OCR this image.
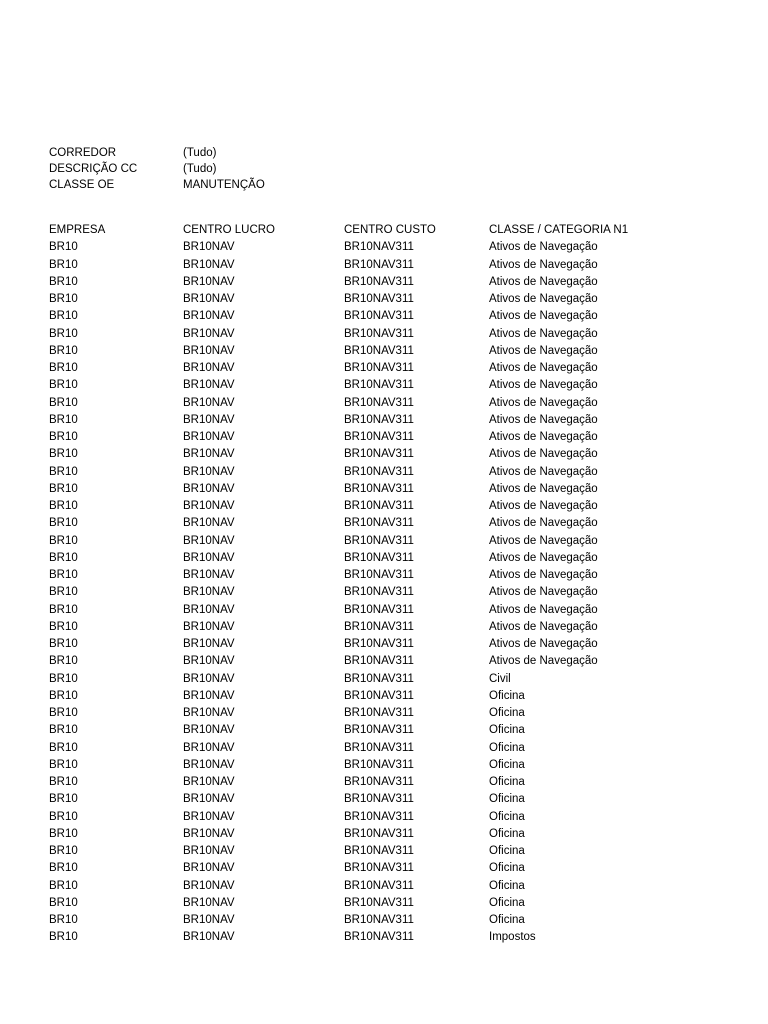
CORREDOR	(Tudo)
DESCRIÇÃO CC	(Tudo)
CLASSE OE	MANUTENÇÃO
EMPRESA	CENTRO LUCRO	CENTRO CUSTO	CLASSE / CATEGORIA N1
BR10	BR10NAV	BR10NAV311	Ativos de Navegação
BR10	BR10NAV	BR10NAV311	Ativos de Navegação
BR10	BR10NAV	BR10NAV311	Ativos de Navegação
BR10	BR10NAV	BR10NAV311	Ativos de Navegação
BR10	BR10NAV	BR10NAV311	Ativos de Navegação
BR10	BR10NAV	BR10NAV311	Ativos de Navegação
BR10	BR10NAV	BR10NAV311	Ativos de Navegação
BR10	BR10NAV	BR10NAV311	Ativos de Navegação
BR10	BR10NAV	BR10NAV311	Ativos de Navegação
BR10	BR10NAV	BR10NAV311	Ativos de Navegação
BR10	BR10NAV	BR10NAV311	Ativos de Navegação
BR10	BR10NAV	BR10NAV311	Ativos de Navegação
BR10	BR10NAV	BR10NAV311	Ativos de Navegação
BR10	BR10NAV	BR10NAV311	Ativos de Navegação
BR10	BR10NAV	BR10NAV311	Ativos de Navegação
BR10	BR10NAV	BR10NAV311	Ativos de Navegação
BR10	BR10NAV	BR10NAV311	Ativos de Navegação
BR10	BR10NAV	BR10NAV311	Ativos de Navegação
BR10	BR10NAV	BR10NAV311	Ativos de Navegação
BR10	BR10NAV	BR10NAV311	Ativos de Navegação
BR10	BR10NAV	BR10NAV311	Ativos de Navegação
BR10	BR10NAV	BR10NAV311	Ativos de Navegação
BR10	BR10NAV	BR10NAV311	Ativos de Navegação
BR10	BR10NAV	BR10NAV311	Ativos de Navegação
BR10	BR10NAV	BR10NAV311	Ativos de Navegação
BR10	BR10NAV	BR10NAV311	Civil
BR10	BR10NAV	BR10NAV311	Oficina
BR10	BR10NAV	BR10NAV311	Oficina
BR10	BR10NAV	BR10NAV311	Oficina
BR10	BR10NAV	BR10NAV311	Oficina
BR10	BR10NAV	BR10NAV311	Oficina
BR10	BR10NAV	BR10NAV311	Oficina
BR10	BR10NAV	BR10NAV311	Oficina
BR10	BR10NAV	BR10NAV311	Oficina
BR10	BR10NAV	BR10NAV311	Oficina
BR10	BR10NAV	BR10NAV311	Oficina
BR10	BR10NAV	BR10NAV311	Oficina
BR10	BR10NAV	BR10NAV311	Oficina
BR10	BR10NAV	BR10NAV311	Oficina
BR10	BR10NAV	BR10NAV311	Oficina
BR10	BR10NAV	BR10NAV311	Impostos
